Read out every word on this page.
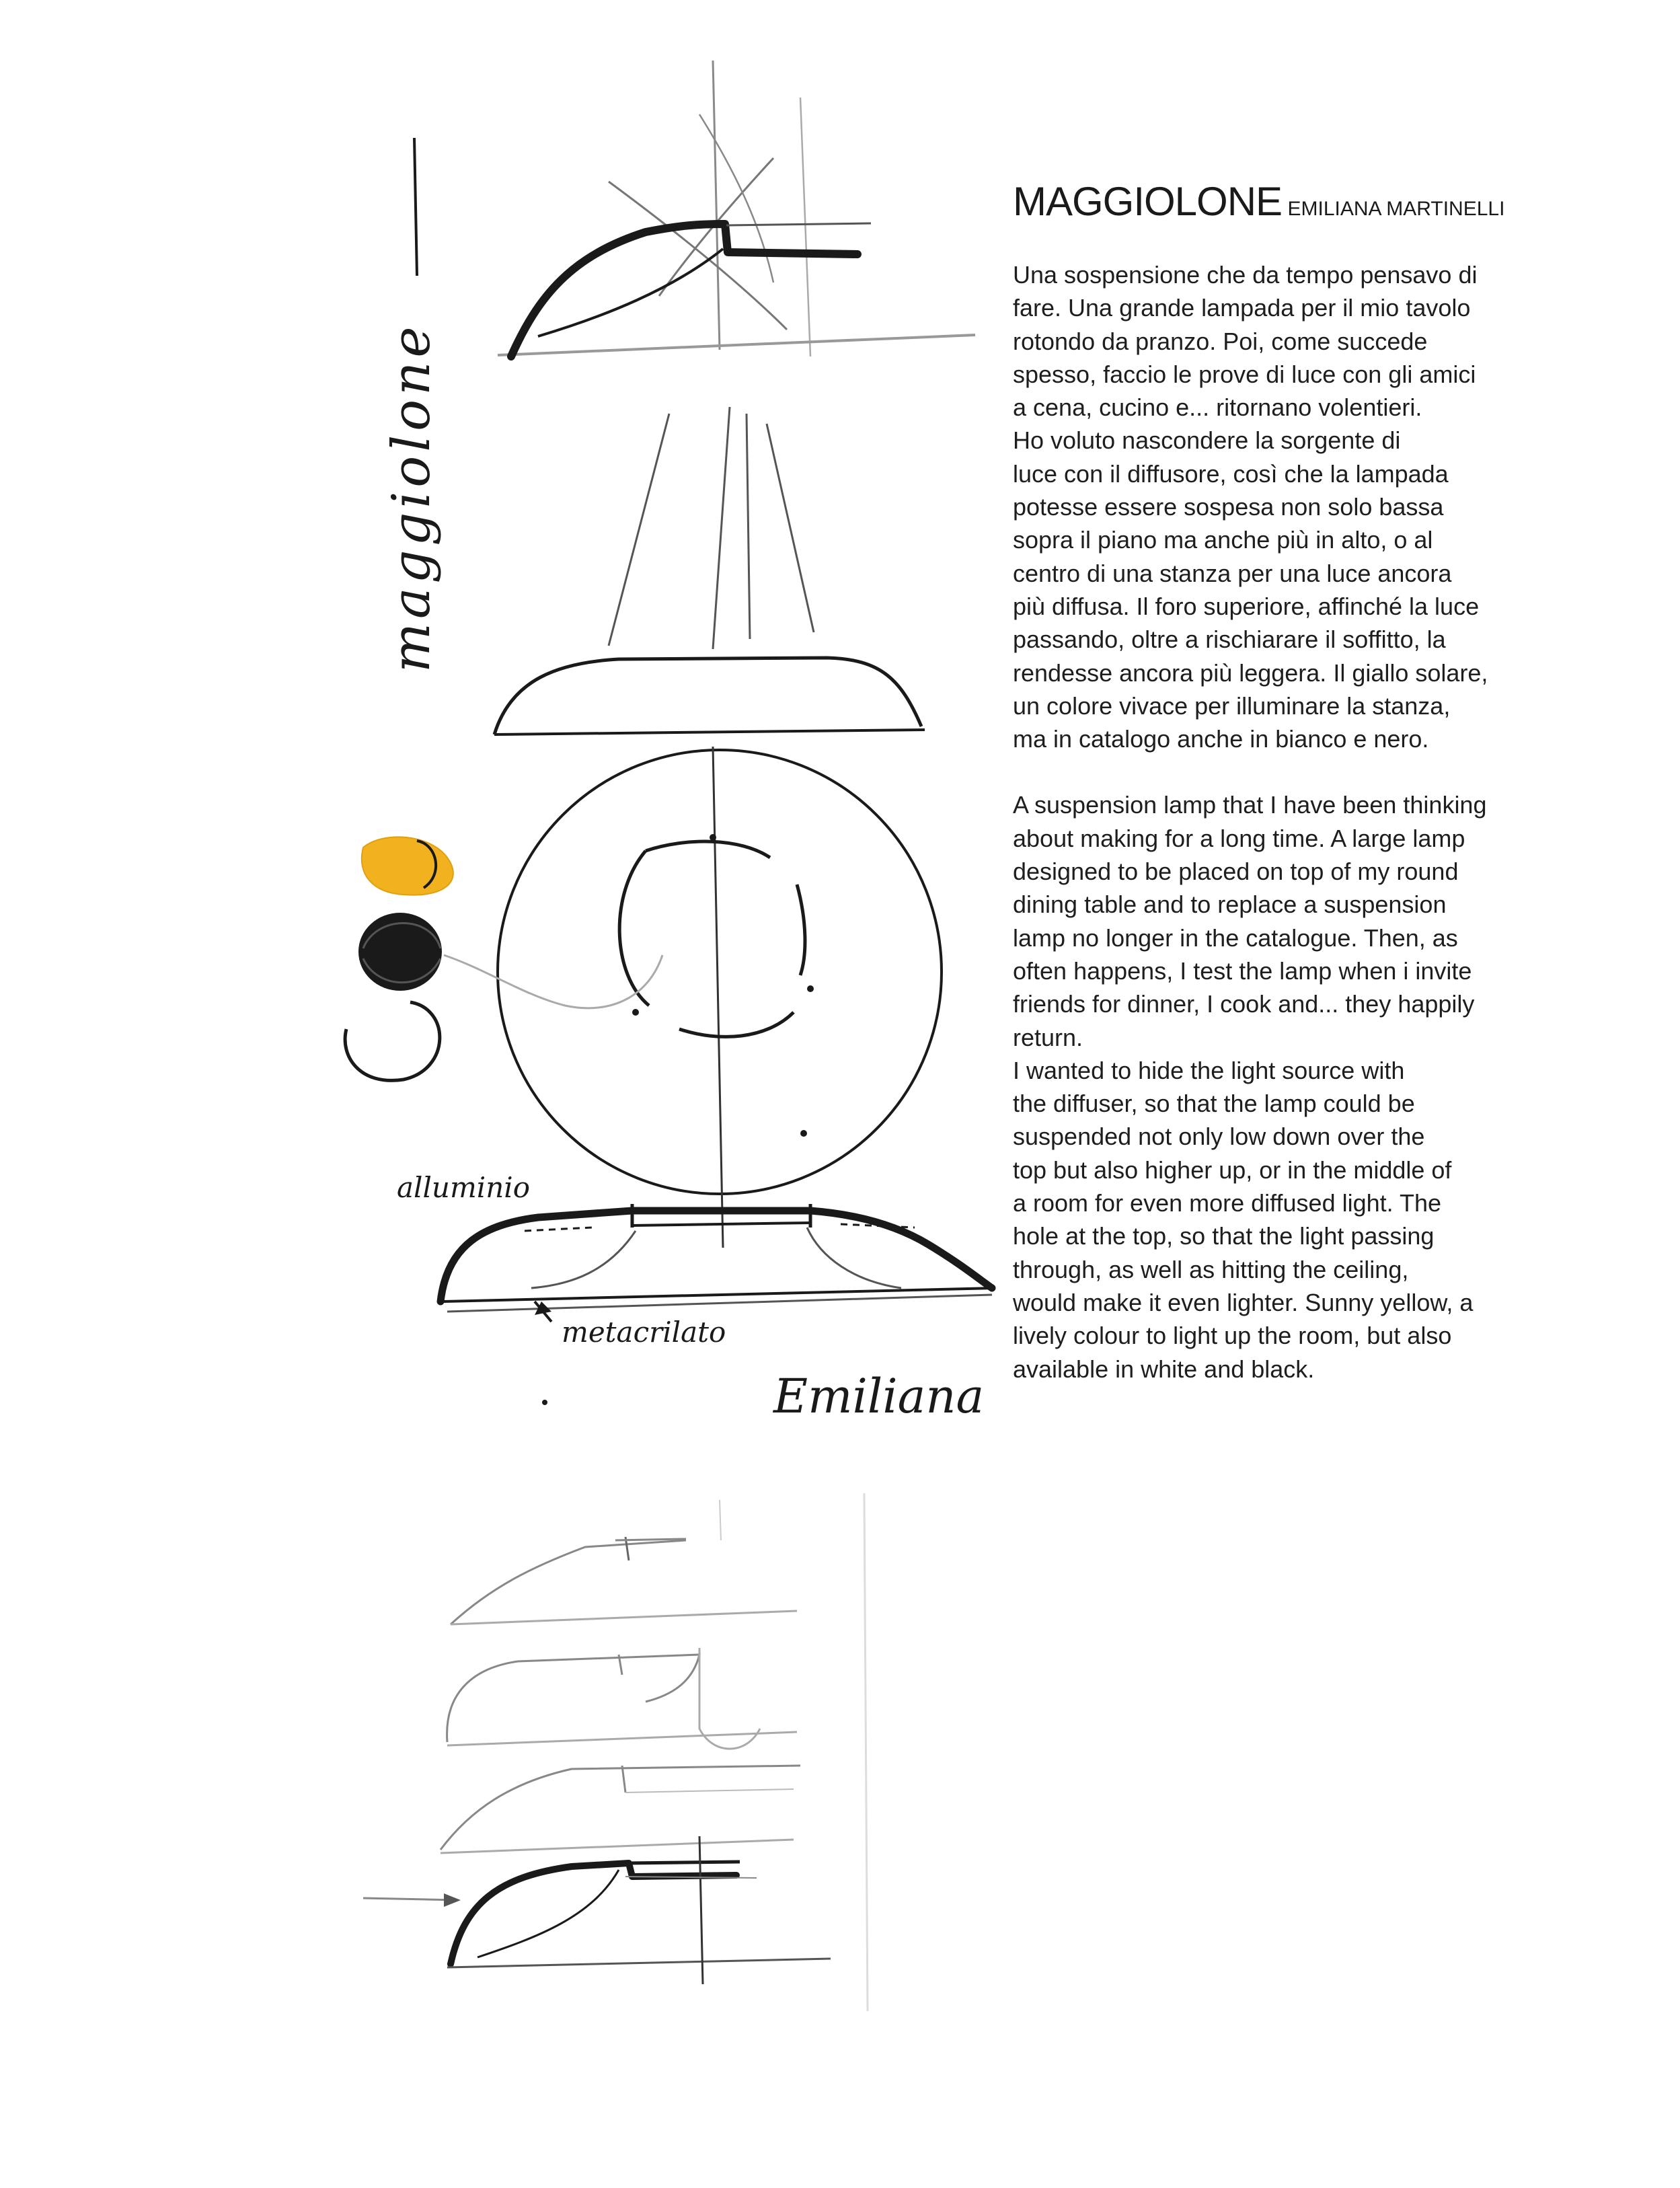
maggiolone
alluminio
metacrilato
Emiliana
MAGGIOLONE EMILIANA MARTINELLI
Una sospensione che da tempo pensavo di
fare. Una grande lampada per il mio tavolo
rotondo da pranzo. Poi, come succede
spesso, faccio le prove di luce con gli amici
a cena, cucino e... ritornano volentieri.
Ho voluto nascondere la sorgente di
luce con il diffusore, così che la lampada
potesse essere sospesa non solo bassa
sopra il piano ma anche più in alto, o al
centro di una stanza per una luce ancora
più diffusa. Il foro superiore, affinché la luce
passando, oltre a rischiarare il soffitto, la
rendesse ancora più leggera. Il giallo solare,
un colore vivace per illuminare la stanza,
ma in catalogo anche in bianco e nero.
A suspension lamp that I have been thinking
about making for a long time. A large lamp
designed to be placed on top of my round
dining table and to replace a suspension
lamp no longer in the catalogue. Then, as
often happens, I test the lamp when i invite
friends for dinner, I cook and... they happily
return.
I wanted to hide the light source with
the diffuser, so that the lamp could be
suspended not only low down over the
top but also higher up, or in the middle of
a room for even more diffused light. The
hole at the top, so that the light passing
through, as well as hitting the ceiling,
would make it even lighter. Sunny yellow, a
lively colour to light up the room, but also
available in white and black.
